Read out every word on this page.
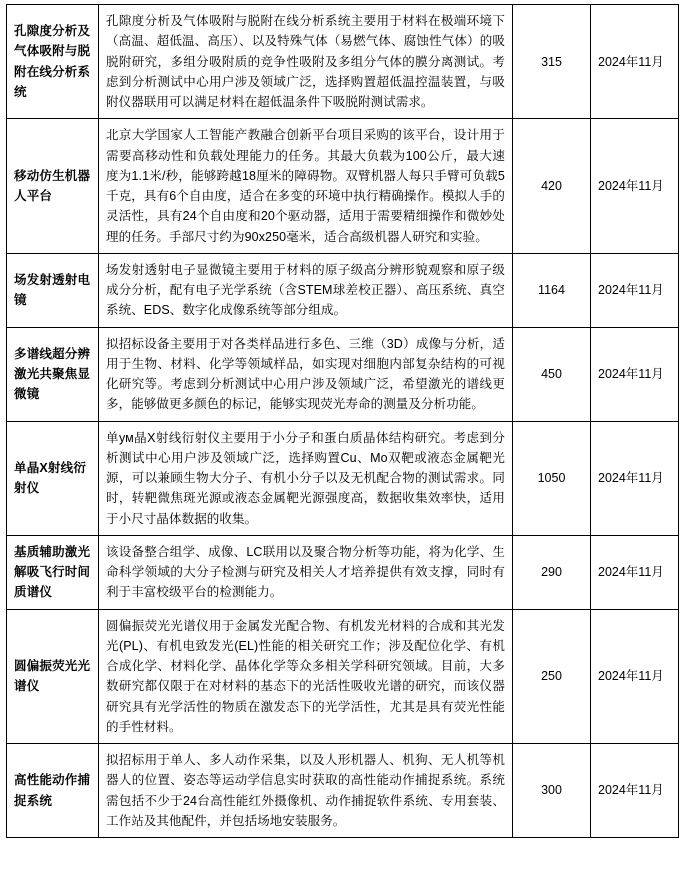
孔隙度分析及气体吸附与脱附在线分析系统	孔隙度分析及气体吸附与脱附在线分析系统主要用于材料在极端环境下（高温、超低温、高压）、以及特殊气体（易燃气体、腐蚀性气体）的吸脱附研究，多组分吸附质的竞争性吸附及多组分气体的膜分离测试。考虑到分析测试中心用户涉及领域广泛，选择购置超低温控温装置，与吸附仪器联用可以满足材料在超低温条件下吸脱附测试需求。	315	2024年11月
移动仿生机器人平台	北京大学国家人工智能产教融合创新平台项目采购的该平台，设计用于需要高移动性和负载处理能力的任务。其最大负载为100公斤，最大速度为1.1米/秒，能够跨越18厘米的障碍物。双臂机器人每只手臂可负载5千克，具有6个自由度，适合在多变的环境中执行精确操作。模拟人手的灵活性，具有24个自由度和20个驱动器，适用于需要精细操作和微妙处理的任务。手部尺寸约为90x250毫米，适合高级机器人研究和实验。	420	2024年11月
场发射透射电镜	场发射透射电子显微镜主要用于材料的原子级高分辨形貌观察和原子级成分分析，配有电子光学系统（含STEM球差校正器）、高压系统、真空系统、EDS、数字化成像系统等部分组成。	1164	2024年11月
多谱线超分辨激光共聚焦显微镜	拟招标设备主要用于对各类样品进行多色、三维（3D）成像与分析，适用于生物、材料、化学等领域样品，如实现对细胞内部复杂结构的可视化研究等。考虑到分析测试中心用户涉及领域广泛，希望激光的谱线更多，能够做更多颜色的标记，能够实现荧光寿命的测量及分析功能。	450	2024年11月
单晶X射线衍射仪	单ум晶X射线衍射仪主要用于小分子和蛋白质晶体结构研究。考虑到分析测试中心用户涉及领域广泛，选择购置Cu、Mo双靶或液态金属靶光源，可以兼顾生物大分子、有机小分子以及无机配合物的测试需求。同时，转靶微焦斑光源或液态金属靶光源强度高，数据收集效率快，适用于小尺寸晶体数据的收集。	1050	2024年11月
基质辅助激光解吸飞行时间质谱仪	该设备整合组学、成像、LC联用以及聚合物分析等功能，将为化学、生命科学领域的大分子检测与研究及相关人才培养提供有效支撑，同时有利于丰富校级平台的检测能力。	290	2024年11月
圆偏振荧光光谱仪	圆偏振荧光光谱仪用于金属发光配合物、有机发光材料的合成和其光发光(PL)、有机电致发光(EL)性能的相关研究工作；涉及配位化学、有机合成化学、材料化学、晶体化学等众多相关学科研究领域。目前，大多数研究都仅限于在对材料的基态下的光活性吸收光谱的研究，而该仪器研究具有光学活性的物质在激发态下的光学活性，尤其是具有荧光性能的手性材料。	250	2024年11月
高性能动作捕捉系统	拟招标用于单人、多人动作采集，以及人形机器人、机狗、无人机等机器人的位置、姿态等运动学信息实时获取的高性能动作捕捉系统。系统需包括不少于24台高性能红外摄像机、动作捕捉软件系统、专用套装、工作站及其他配件，并包括场地安装服务。	300	2024年11月
